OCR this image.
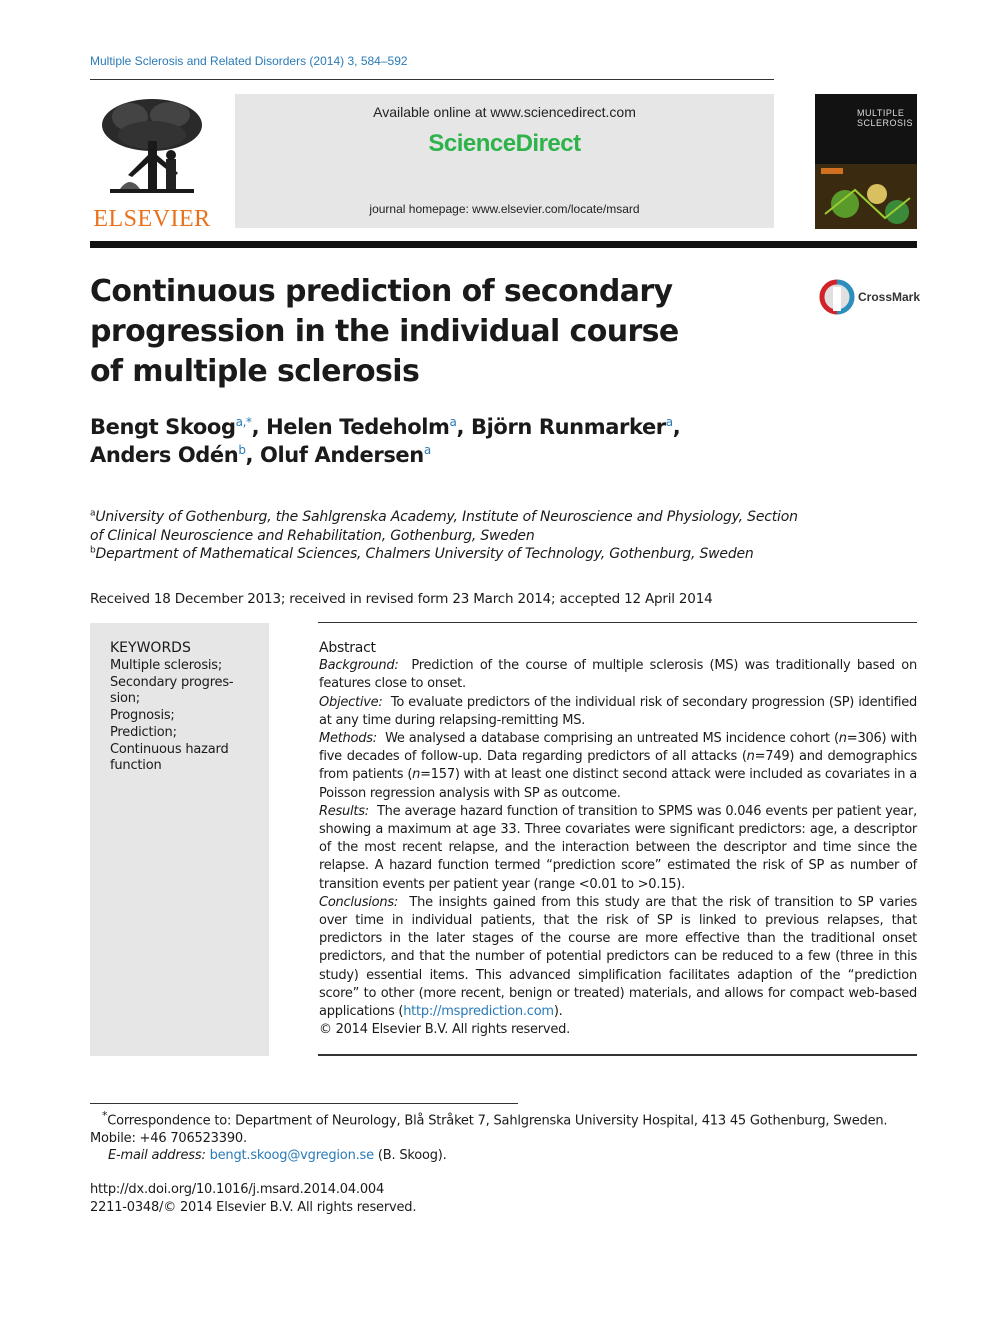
Multiple Sclerosis and Related Disorders (2014) 3, 584–592
ELSEVIER
Available online at www.sciencedirect.com
ScienceDirect
journal homepage: www.elsevier.com/locate/msard
MULTIPLE SCLEROSIS
Continuous prediction of secondary progression in the individual course of multiple sclerosis
CrossMark
Bengt Skoog$^{a,*}$, Helen Tedeholm$^a$, Björn Runmarker$^a$,
Anders Odén$^b$, Oluf Andersen$^a$
$^a$University of Gothenburg, the Sahlgrenska Academy, Institute of Neuroscience and Physiology, Section of Clinical Neuroscience and Rehabilitation, Gothenburg, Sweden
$^b$Department of Mathematical Sciences, Chalmers University of Technology, Gothenburg, Sweden
Received 18 December 2013; received in revised form 23 March 2014; accepted 12 April 2014
KEYWORDS
Multiple sclerosis;
Secondary progres-sion;
Prognosis;
Prediction;
Continuous hazard function

Abstract

Background: Prediction of the course of multiple sclerosis (MS) was traditionally based on features close to onset.

Objective: To evaluate predictors of the individual risk of secondary progression (SP) identified at any time during relapsing-remitting MS.

Methods: We analysed a database comprising an untreated MS incidence cohort (n=306) with five decades of follow-up. Data regarding predictors of all attacks (n=749) and demographics from patients (n=157) with at least one distinct second attack were included as covariates in a Poisson regression analysis with SP as outcome.

Results: The average hazard function of transition to SPMS was 0.046 events per patient year, showing a maximum at age 33. Three covariates were significant predictors: age, a descriptor of the most recent relapse, and the interaction between the descriptor and time since the relapse. A hazard function termed “prediction score” estimated the risk of SP as number of transition events per patient year (range <0.01 to >0.15).

Conclusions: The insights gained from this study are that the risk of transition to SP varies over time in individual patients, that the risk of SP is linked to previous relapses, that predictors in the later stages of the course are more effective than the traditional onset predictors, and that the number of potential predictors can be reduced to a few (three in this study) essential items. This advanced simplification facilitates adaption of the “prediction score” to other (more recent, benign or treated) materials, and allows for compact web-based applications (http://msprediction.com).

© 2014 Elsevier B.V. All rights reserved.

*Correspondence to: Department of Neurology, Blå Stråket 7, Sahlgrenska University Hospital, 413 45 Gothenburg, Sweden. Mobile: +46 706523390.

E-mail address: bengt.skoog@vgregion.se (B. Skoog).

http://dx.doi.org/10.1016/j.msard.2014.04.004
2211-0348/© 2014 Elsevier B.V. All rights reserved.
